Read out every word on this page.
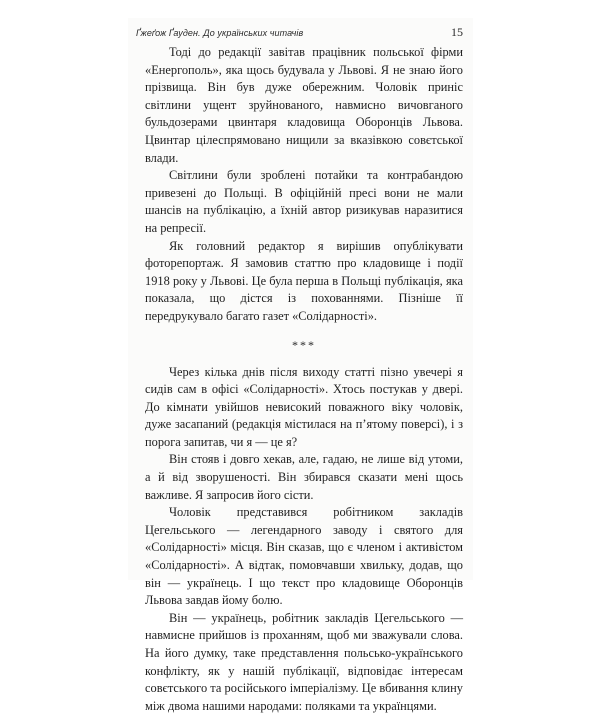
Ґжеґож Ґауден. До українських читачів	15

Тоді до редакції завітав працівник польської фірми «Енергополь», яка щось будувала у Львові. Я не знаю його прізвища. Він був дуже обережним. Чоловік приніс світлини ущент зруйнованого, навмисно вичовганого бульдозерами цвинтаря кладовища Оборонців Львова. Цвинтар цілеспрямовано нищили за вказівкою совєтської влади.

Світлини були зроблені потайки та контрабандою привезені до Польщі. В офіційній пресі вони не мали шансів на публікацію, а їхній автор ризикував наразитися на репресії.

Як головний редактор я вирішив опублікувати фоторепортаж. Я замовив статтю про кладовище і події 1918 року у Львові. Це була перша в Польщі публікація, яка показала, що дістся із похованнями. Пізніше її передрукувало багато газет «Солідарності».

***

Через кілька днів після виходу статті пізно увечері я сидів сам в офісі «Солідарності». Хтось постукав у двері. До кімнати увійшов невисокий поважного віку чоловік, дуже засапаний (редакція містилася на п’ятому поверсі), і з порога запитав, чи я — це я?

Він стояв і довго хекав, але, гадаю, не лише від утоми, а й від зворушеності. Він збирався сказати мені щось важливе. Я запросив його сісти.

Чоловік представився робітником закладів Цегельського — легендарного заводу і святого для «Солідарності» місця. Він сказав, що є членом і активістом «Солідарності». А відтак, помовчавши хвильку, додав, що він — українець. І що текст про кладовище Оборонців Львова завдав йому болю.

Він — українець, робітник закладів Цегельського — навмисне прийшов із проханням, щоб ми зважували слова. На його думку, таке представлення польсько-українського конфлікту, як у нашій публікації, відповідає інтересам совєтського та російського імперіалізму. Це вбивання клину між двома нашими народами: поляками та українцями.
